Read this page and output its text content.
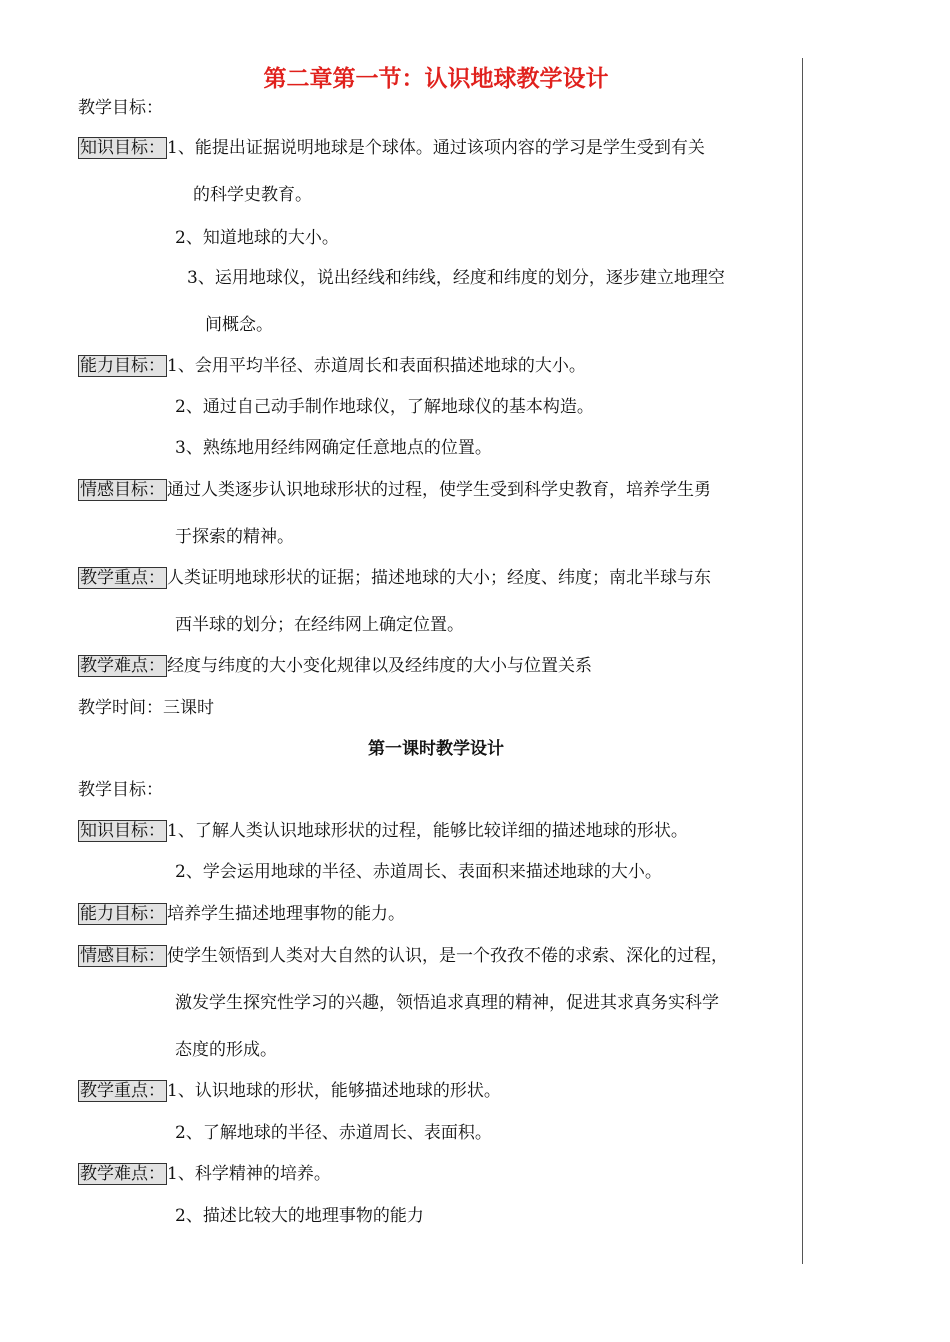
第二章第一节：认识地球教学设计
教学目标：
知识目标： 1、能提出证据说明地球是个球体。通过该项内容的学习是学生受到有关
的科学史教育。
2、知道地球的大小。
3、运用地球仪，说出经线和纬线，经度和纬度的划分，逐步建立地理空
间概念。
能力目标： 1、会用平均半径、赤道周长和表面积描述地球的大小。
2、通过自己动手制作地球仪，了解地球仪的基本构造。
3、熟练地用经纬网确定任意地点的位置。
情感目标： 通过人类逐步认识地球形状的过程，使学生受到科学史教育，培养学生勇
于探索的精神。
教学重点： 人类证明地球形状的证据；描述地球的大小；经度、纬度；南北半球与东
西半球的划分；在经纬网上确定位置。
教学难点： 经度与纬度的大小变化规律以及经纬度的大小与位置关系
教学时间：三课时
第一课时教学设计
教学目标：
知识目标： 1、了解人类认识地球形状的过程，能够比较详细的描述地球的形状。
2、学会运用地球的半径、赤道周长、表面积来描述地球的大小。
能力目标： 培养学生描述地理事物的能力。
情感目标： 使学生领悟到人类对大自然的认识，是一个孜孜不倦的求索、深化的过程，
激发学生探究性学习的兴趣，领悟追求真理的精神，促进其求真务实科学
态度的形成。
教学重点： 1、认识地球的形状，能够描述地球的形状。
2、了解地球的半径、赤道周长、表面积。
教学难点： 1、科学精神的培养。
2、描述比较大的地理事物的能力
